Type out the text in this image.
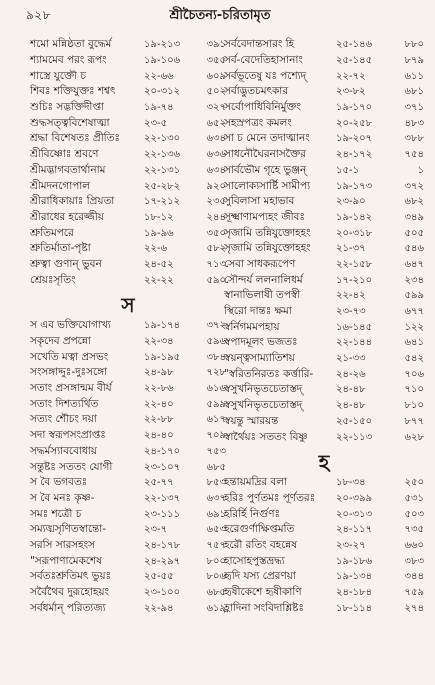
৯২৮	শ্রীচৈতন্য-চরিতামৃত
শমো মন্নিষ্ঠতা বুদ্ধের্ম	১৯-২১৩	৩৯১
শ্যামমেব পরং রূপং	১৯-১০৬	৩৫৫
শাস্ত্রে যুক্তৌ চ	২২-৬৬	৬০৯
শিবঃ শক্তিযুক্তঃ শশ্বৎ	২০-৩১২	৫০২
শুচিঃ সদ্ভক্তিদীপ্তা	১৯-৭৪	৩২৭
শুদ্ধসত্ত্ববিশেষাত্মা	২৩-৫	৬৫২
শ্রদ্ধা বিশেষতঃ প্রীতিঃ	২২-১৩০	৬৩৪
শ্রীবিষ্ণোঃ শ্রবণে	২২-১৩৬	৬৩৬
শ্রীমদ্ভাগবতার্থানাম	২২-১৩১	৬৩৪
শ্রীমদনগোপাল	২৫-২৮২	৯২০
শ্রীরাধিকায়াঃ প্রিয়তা	১৭-২১২	২৩৫
শ্রীরাধের হরেজ্জীয়	১৮-১২	২৪৪
শ্রুতিমপরে	১৯-৯৬	৩৫০
শ্রুতির্মাতা-পৃষ্টা	২২-৬	৫৮২
শ্রুত্বা গুণান্ ভুবন	২৪-৫২	৭১৩
শ্রেয়ঃসৃতিং	২২-২২	৫৯০
স
স এব ভক্তিযোগাখ্য	১৯-১৭৪	৩৭২
সকৃদেব প্রপন্নো	২২-৩৪	৫৯৬
সখেতি মত্বা প্রসভং	১৯-১৯৫	৩৮৪
সংসঙ্গাদ্দুঃ-দুঃসঙ্গো	২৪-৯৮	৭২৮
সতাং প্রসঙ্গান্মম বীর্য	২২-৮৬	৬১৬
সতাং দিশত্যর্থিত	২২-৪০	৫৯৯
সত্যং শৌচং দয়া	২২-৮৮	৬১৭
সদা স্বরূপসংপ্রাপ্তঃ	২৪-৪০	৭০৯
সদ্ধর্মস্যাববোধায়	২৪-১৭০	৭৫৩
সন্তুষ্টঃ সততং যোগী	২৩-১০৭	৬৮৫
স বৈ ভগবতঃ	২৫-৭৭	৮৫৩
স বৈ মনঃ কৃষ্ণ-	২২-১৩৭	৬৩৭
সমঃ শত্রৌ চ	২৩-১১১	৬৯১
সম্যঙ্মসৃণিতস্বান্তো-	২৩-৭	৬৫৩
সরসি সারসহংস	২৪-১৭৮	৭৫৭
"সরূপাণামেকশেষ	২৪-২৯৭	৮০০
সর্বতঃশ্রুতিমৎ ভুয়ঃ	২৫-৫৫	৮০৬
সর্বৈথৈব দুরূহোহয়ং	২৩-১০০	৬৮৫
সর্বধর্মান্ পরিত্যজ্য	২২-৯৪	৬১৯
সর্ববেদান্তসারং হি	২৫-১৪৬	৮৮০
সর্ব-বেদেতিহাসানাং	২৫-১৪৫	৮৭৯
সর্বভূতেষু যঃ পশ্যেদ্	২২-৭২	৬১১
সর্বাদ্ভুতচমৎকার	২৩-৮২	৬৮১
সর্বোপাধিবিনির্মুক্তং	১৯-১৭০	৩৭১
সহস্রপত্রং কমলং	২০-২৫৮	৪৮৩
সা চ মেনে তদাত্মানং	১৯-২০৭	৩৮৮
সাধনৌঘৈরনাসক্তৈর	২৪-১৭২	৭৫৪
সার্বভৌম গৃহে ভুঞ্জন্	১৫-১	১
সালোক্যসার্ষ্টি সামীপ্য	১৯-১৭৩	৩৭২
সুবিলাসা মহাভাব	২৩-৯০	৬৮২
সূক্ষ্মাণামপ্যহং জীবঃ	১৯-১৪২	৩৪৯
সৃজামি তন্নিযুক্তোহহং	২০-৩১৮	৫০৫
সৃজামি তন্নিযুক্তোহহং	২১-৩৭	৫৪৬
সেবা সাধকরূপেণ	২২-১৫৮	৬৪৭
সৌন্দর্য ললনালিধর্ম	১৭-২১০	২৩৪
স্বানাভিলাষী তপস্বী	২২-৪২	৫৯৯
স্থিরো দান্তঃ ক্ষমা	২৩-৭৩	৬৭৭
স্বর্নিগমমপহায়	১৬-১৪৫	১২২
স্বপাদমূলং ভজতঃ	২২-১৪৪	৬৪১
স্বয়ন্ত্বসাম্যাতিশয়	২১-৩৩	৫৪২
"স্বরিতনিরতঃ কর্ত্তারি-	২৪-২৬	৭০৬
স্বসুখনিভৃতচেতাস্তদ্	২৪-৪৮	৭১০
স্বসুখনিভৃতচেতাস্তদ্	২৪-৪৮	৮১০
স্বয়ন্তু স্মারয়ন্ত	২৫-১৫০	৮৭৭
স্বার্থৈয়ঃ সততং বিষ্ণু	২২-১১৩	৬২৮
হ
হন্তায়মদ্রির বলা	১৮-৩৪	২৫০
হরিঃ পুর্ণতমঃ পূর্ণতরঃ	২০-৩৯৯	৫৩১
হরির্হি নির্গুণঃ	২০-৩১৩	৫০৩
হরেগুর্ণাক্ষিপ্তমতি	২৪-১১৭	৭৩৫
হরৌ রতিং বহন্নেষ	২৩-২৭	৬৬০
হাসোহপুস্তভ্রদ্ধ্য	১৯-১৮৬	৩৮৩
হৃদি যস্য প্রেরণয়া	১৯-১৩৪	৩৪৪
হৃষীকেশে হৃষীকাণি	২৪-১৮৪	৭৫৯
হ্লাদিনা সংবিদাশ্লিষ্টঃ	১৮-১১৪	২৭৪
